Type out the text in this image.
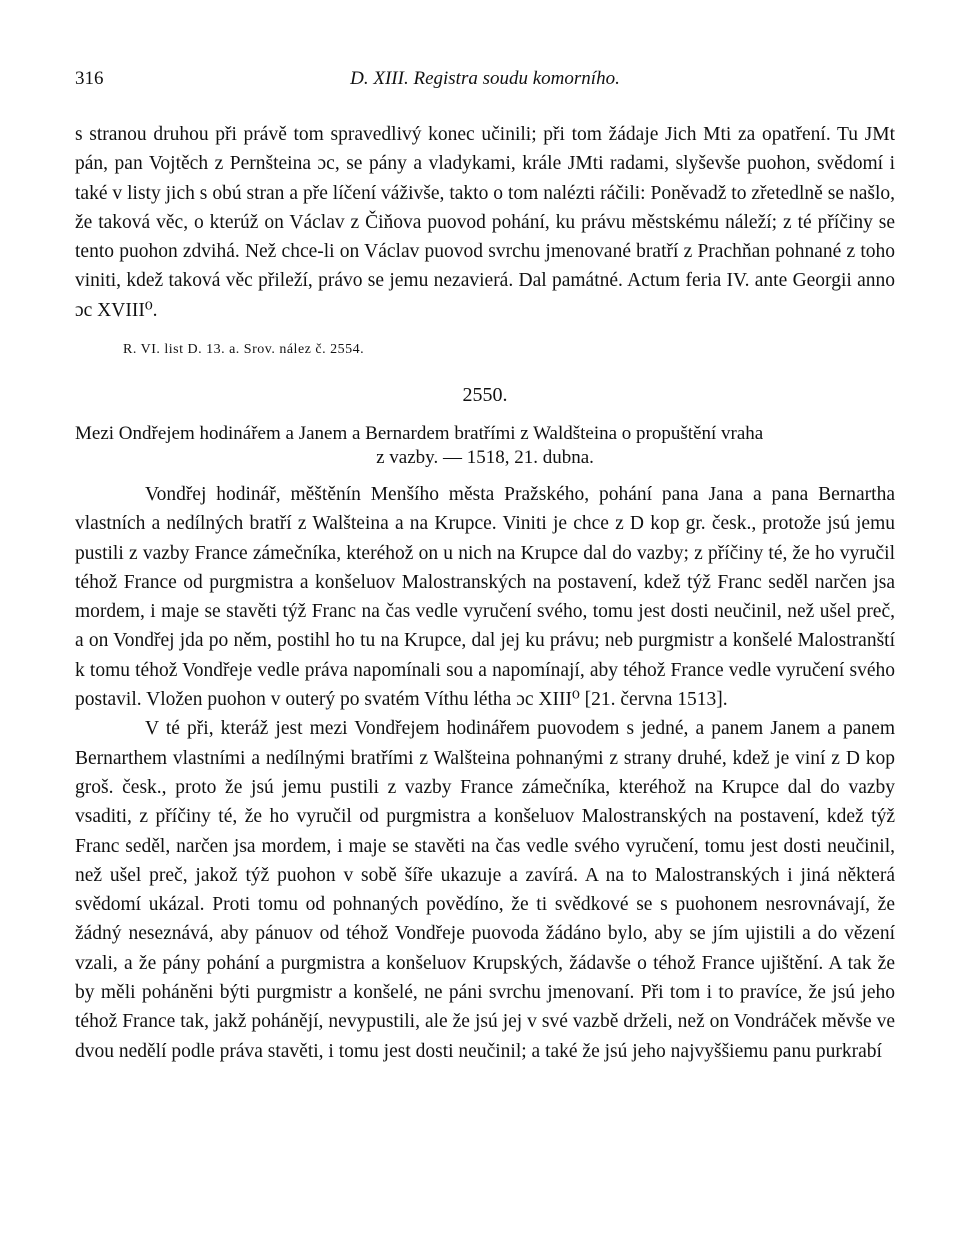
316	D. XIII. Registra soudu komorního.

s stranou druhou při právě tom spravedlivý konec učinili; při tom žádaje Jich Mti za opatření. Tu JMt pán, pan Vojtěch z Pernšteina ɔc, se pány a vladykami, krále JMti radami, slyševše puohon, svědomí i také v listy jich s obú stran a pře líčení váživše, takto o tom nalézti ráčili: Poněvadž to zřetedlně se našlo, že taková věc, o kterúž on Václav z Čiňova puovod pohání, ku právu městskému náleží; z té příčiny se tento puohon zdvihá. Než chce-li on Václav puovod svrchu jmenované bratří z Prachňan pohnané z toho viniti, kdež taková věc přileží, právo se jemu nezavierá. Dal památné. Actum feria IV. ante Georgii anno ɔc XVIII⁰.

R. VI. list D. 13. a. Srov. nález č. 2554.
2550.
Mezi Ondřejem hodinářem a Janem a Bernardem bratřími z Waldšteina o propuštění vraha
z vazby. — 1518, 21. dubna.

Vondřej hodinář, měštěnín Menšího města Pražského, pohání pana Jana a pana Bernartha vlastních a nedílných bratří z Walšteina a na Krupce. Viniti je chce z D kop gr. česk., protože jsú jemu pustili z vazby France zámečníka, kteréhož on u nich na Krupce dal do vazby; z příčiny té, že ho vyručil téhož France od purgmistra a konšeluov Malostranských na postavení, kdež týž Franc seděl narčen jsa mordem, i maje se stavěti týž Franc na čas vedle vyručení svého, tomu jest dosti neučinil, než ušel preč, a on Vondřej jda po něm, postihl ho tu na Krupce, dal jej ku právu; neb purgmistr a konšelé Malostranští k tomu téhož Vondřeje vedle práva napomínali sou a napomínají, aby téhož France vedle vyručení svého postavil. Vložen puohon v outerý po svatém Víthu létha ɔc XIII⁰ [21. června 1513].

V té při, kteráž jest mezi Vondřejem hodinářem puovodem s jedné, a panem Janem a panem Bernarthem vlastními a nedílnými bratřími z Walšteina pohnanými z strany druhé, kdež je viní z D kop groš. česk., proto že jsú jemu pustili z vazby France zámečníka, kteréhož na Krupce dal do vazby vsaditi, z příčiny té, že ho vyručil od purgmistra a konšeluov Malostranských na postavení, kdež týž Franc seděl, narčen jsa mordem, i maje se stavěti na čas vedle svého vyručení, tomu jest dosti neučinil, než ušel preč, jakož týž puohon v sobě šíře ukazuje a zavírá. A na to Malostranských i jiná některá svědomí ukázal. Proti tomu od pohnaných povědíno, že ti svědkové se s puohonem nesrovnávají, že žádný neseznává, aby pánuov od téhož Vondřeje puovoda žádáno bylo, aby se jím ujistili a do vězení vzali, a že pány pohání a purgmistra a konšeluov Krupských, žádavše o téhož France ujištění. A tak že by měli poháněni býti purgmistr a konšelé, ne páni svrchu jmenovaní. Při tom i to pravíce, že jsú jeho téhož France tak, jakž pohánějí, nevypustili, ale že jsú jej v své vazbě drželi, než on Vondráček měvše ve dvou nedělí podle práva stavěti, i tomu jest dosti neučinil; a také že jsú jeho najvyššiemu panu purkrabí
